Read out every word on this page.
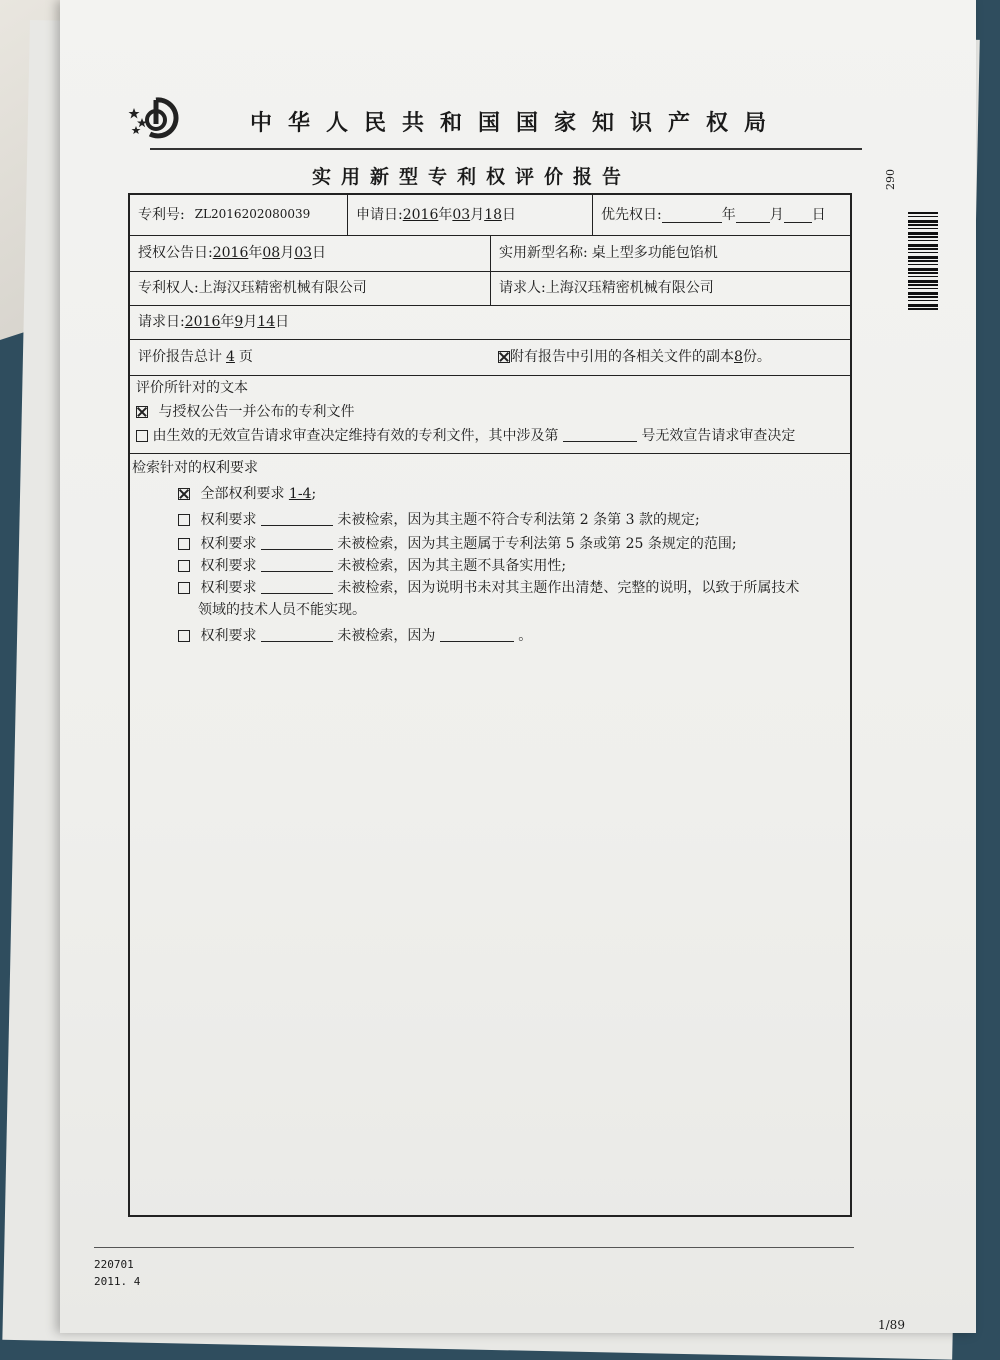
中华人民共和国国家知识产权局
实用新型专利权评价报告	290
专利号: ZL2016202080039	申请日: 2016 年 03 月 18 日	优先权日:	年 月 日
授权公告日: 2016 年 08 月 03 日	实用新型名称: 桌上型多功能包馅机
专利权人: 上海汉珏精密机械有限公司	请求人: 上海汉珏精密机械有限公司
请求日: 2016 年 9 月 14 日
评价报告总计 4 页	附有报告中引用的各相关文件的副本 8 份。
评价所针对的文本
与授权公告一并公布的专利文件
由生效的无效宣告请求审查决定维持有效的专利文件，其中涉及第	号无效宣告请求审查决定
检索针对的权利要求
全部权利要求 1-4;
权利要求	未被检索，因为其主题不符合专利法第 2 条第 3 款的规定;
权利要求	未被检索，因为其主题属于专利法第 5 条或第 25 条规定的范围;
权利要求	未被检索，因为其主题不具备实用性;
权利要求	未被检索，因为说明书未对其主题作出清楚、完整的说明，以致于所属技术
领域的技术人员不能实现。
权利要求	未被检索，因为	。
220701
2011. 4
1/89
